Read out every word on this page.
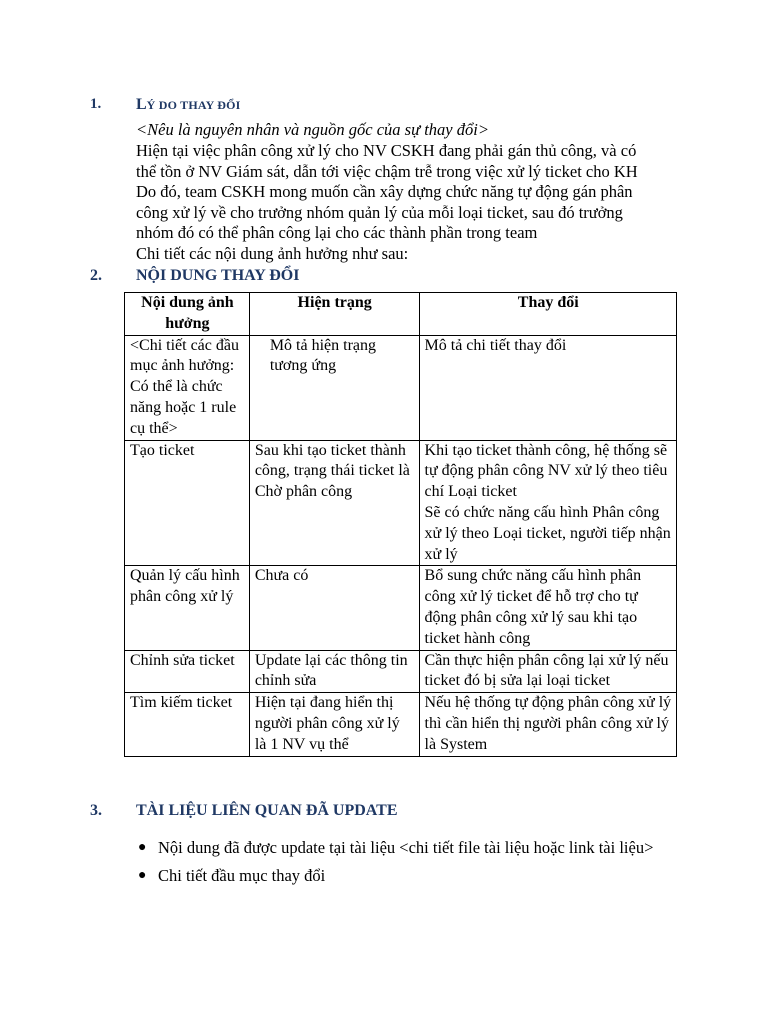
1. LÝ DO THAY ĐỔI
<Nêu là nguyên nhân và nguồn gốc của sự thay đổi>
Hiện tại việc phân công xử lý cho NV CSKH đang phải gán thủ công, và có
thể tồn ở NV Giám sát, dẫn tới việc chậm trễ trong việc xử lý ticket cho KH
Do đó, team CSKH mong muốn cần xây dựng chức năng tự động gán phân
công xử lý về cho trưởng nhóm quản lý của mỗi loại ticket, sau đó trưởng
nhóm đó có thể phân công lại cho các thành phần trong team
Chi tiết các nội dung ảnh hưởng như sau:
2. NỘI DUNG THAY ĐỔI
Nội dung ảnh hưởng	Hiện trạng	Thay đổi
<Chi tiết các đầu mục ảnh hưởng: Có thể là chức năng hoặc 1 rule cụ thể>	Mô tả hiện trạng tương ứng	Mô tả chi tiết thay đổi
Tạo ticket	Sau khi tạo ticket thành công, trạng thái ticket là Chờ phân công	Khi tạo ticket thành công, hệ thống sẽ tự động phân công NV xử lý theo tiêu chí Loại ticket
Sẽ có chức năng cấu hình Phân công xử lý theo Loại ticket, người tiếp nhận xử lý
Quản lý cấu hình phân công xử lý	Chưa có	Bổ sung chức năng cấu hình phân công xử lý ticket để hỗ trợ cho tự động phân công xử lý sau khi tạo ticket hành công
Chỉnh sửa ticket	Update lại các thông tin chỉnh sửa	Cần thực hiện phân công lại xử lý nếu ticket đó bị sửa lại loại ticket
Tìm kiếm ticket	Hiện tại đang hiển thị người phân công xử lý là 1 NV vụ thể	Nếu hệ thống tự động phân công xử lý thì cần hiển thị người phân công xử lý là System
3. TÀI LIỆU LIÊN QUAN ĐÃ UPDATE
● Nội dung đã được update tại tài liệu <chi tiết file tài liệu hoặc link tài liệu>
● Chi tiết đầu mục thay đổi
